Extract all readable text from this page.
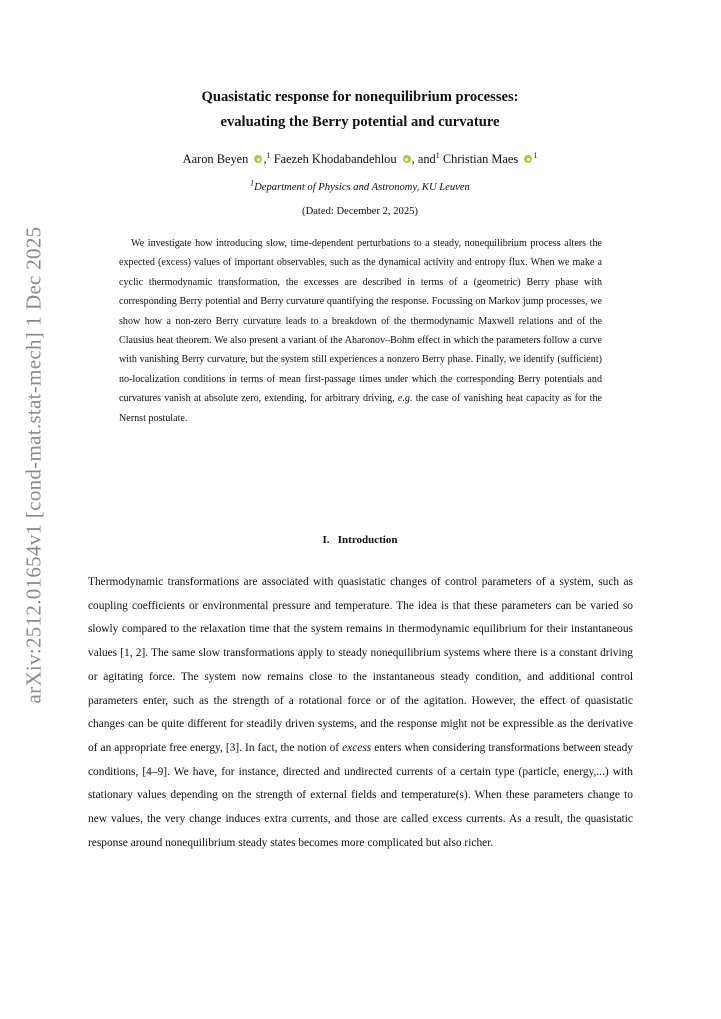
arXiv:2512.01654v1 [cond-mat.stat-mech] 1 Dec 2025
Quasistatic response for nonequilibrium processes:
evaluating the Berry potential and curvature
Aaron Beyen ,$^1$ Faezeh Khodabandehlou , and$^1$ Christian Maes $^1$
$^1$Department of Physics and Astronomy, KU Leuven
(Dated: December 2, 2025)

We investigate how introducing slow, time-dependent perturbations to a steady, nonequilibrium process alters the expected (excess) values of important observables, such as the dynamical activity and entropy flux. When we make a cyclic thermodynamic transformation, the excesses are described in terms of a (geometric) Berry phase with corresponding Berry potential and Berry curvature quantifying the response. Focussing on Markov jump processes, we show how a non-zero Berry curvature leads to a breakdown of the thermodynamic Maxwell relations and of the Clausius heat theorem. We also present a variant of the Aharonov–Bohm effect in which the parameters follow a curve with vanishing Berry curvature, but the system still experiences a nonzero Berry phase. Finally, we identify (sufficient) no-localization conditions in terms of mean first-passage times under which the corresponding Berry potentials and curvatures vanish at absolute zero, extending, for arbitrary driving, e.g. the case of vanishing heat capacity as for the Nernst postulate.

I. Introduction

Thermodynamic transformations are associated with quasistatic changes of control parameters of a system, such as coupling coefficients or environmental pressure and temperature. The idea is that these parameters can be varied so slowly compared to the relaxation time that the system remains in thermodynamic equilibrium for their instantaneous values [1, 2]. The same slow transformations apply to steady nonequilibrium systems where there is a constant driving or agitating force. The system now remains close to the instantaneous steady condition, and additional control parameters enter, such as the strength of a rotational force or of the agitation. However, the effect of quasistatic changes can be quite different for steadily driven systems, and the response might not be expressible as the derivative of an appropriate free energy, [3]. In fact, the notion of excess enters when considering transformations between steady conditions, [4–9]. We have, for instance, directed and undirected currents of a certain type (particle, energy,...) with stationary values depending on the strength of external fields and temperature(s). When these parameters change to new values, the very change induces extra currents, and those are called excess currents. As a result, the quasistatic response around nonequilibrium steady states becomes more complicated but also richer.
